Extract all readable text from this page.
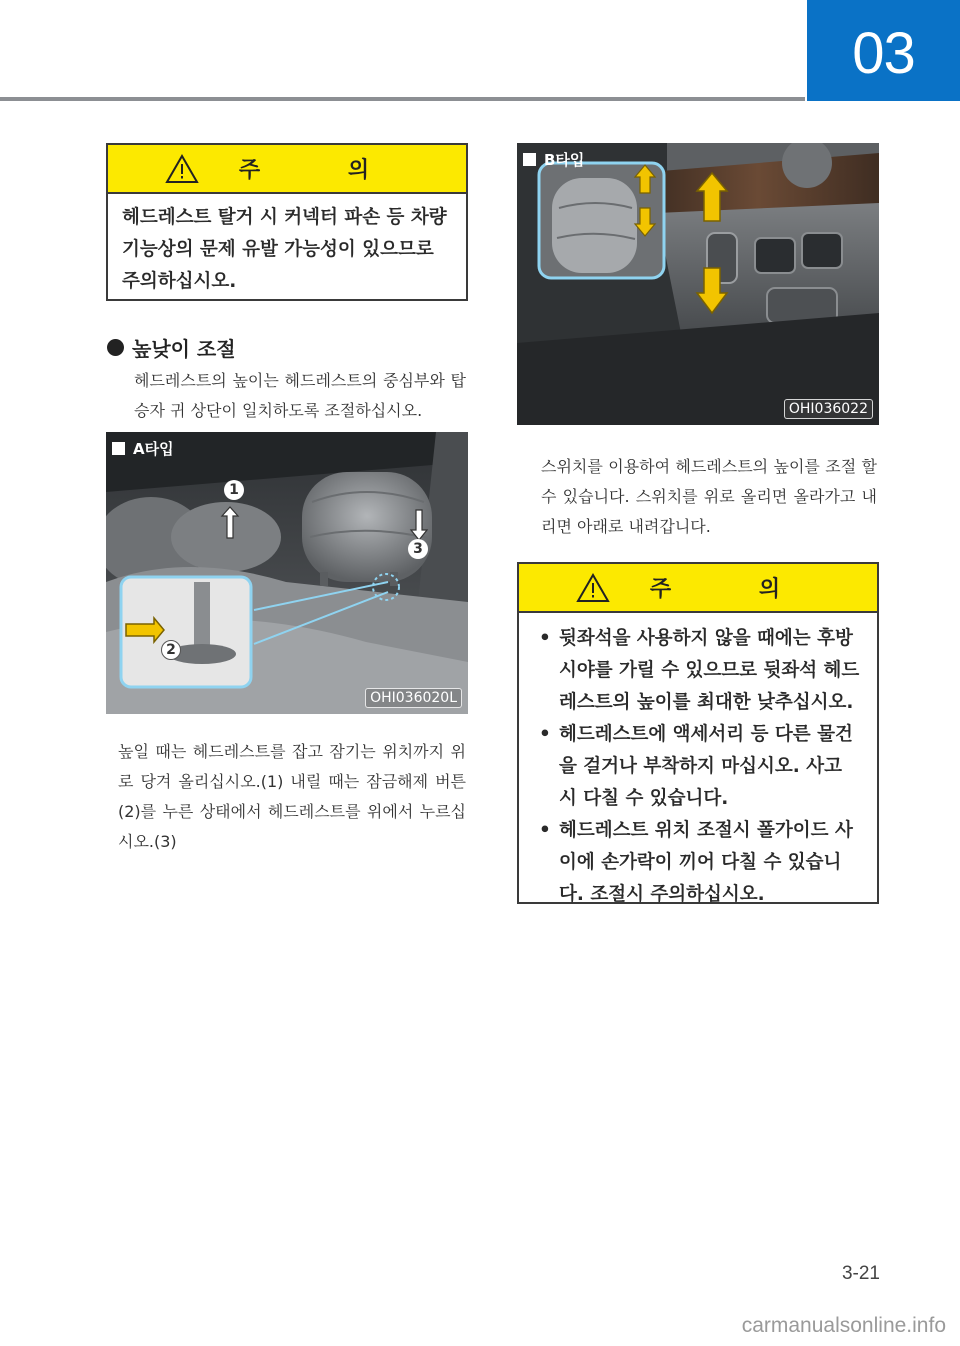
03
주 의
헤드레스트 탈거 시 커넥터 파손 등 차량 기능상의 문제 유발 가능성이 있으므로 주의하십시오.
높낮이 조절
헤드레스트의 높이는 헤드레스트의 중심부와 탑승자 귀 상단이 일치하도록 조절하십시오.
A타입
1
3
2
OHI036020L
높일 때는 헤드레스트를 잡고 잠기는 위치까지 위로 당겨 올리십시오.(1) 내릴 때는 잠금해제 버튼(2)를 누른 상태에서 헤드레스트를 위에서 누르십시오.(3)
B타입
OHI036022
스위치를 이용하여 헤드레스트의 높이를 조절 할 수 있습니다. 스위치를 위로 올리면 올라가고 내리면 아래로 내려갑니다.
주 의
• 뒷좌석을 사용하지 않을 때에는 후방 시야를 가릴 수 있으므로 뒷좌석 헤드레스트의 높이를 최대한 낮추십시오.
• 헤드레스트에 액세서리 등 다른 물건을 걸거나 부착하지 마십시오. 사고 시 다칠 수 있습니다.
• 헤드레스트 위치 조절시 폴가이드 사이에 손가락이 끼어 다칠 수 있습니다. 조절시 주의하십시오.
3-21
carmanualsonline.info
